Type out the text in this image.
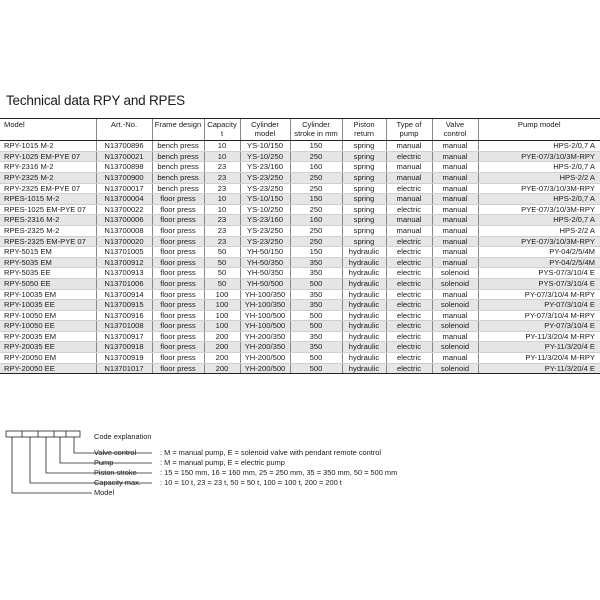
Technical data RPY and RPES
Model	Art.-No.	Frame design	Capacity t	Cylinder model	Cylinder stroke in mm	Piston return	Type of pump	Valve control	Pump model
RPY-1015 M-2	N13700896	bench press	10	YS-10/150	150	spring	manual	manual	HPS-2/0,7 A
RPY-1025 EM-PYE 07	N13700021	bench press	10	YS-10/250	250	spring	electric	manual	PYE-07/3/10/3M-RPY
RPY-2316 M-2	N13700898	bench press	23	YS-23/160	160	spring	manual	manual	HPS-2/0,7 A
RPY-2325 M-2	N13700900	bench press	23	YS-23/250	250	spring	manual	manual	HPS-2/2 A
RPY-2325 EM-PYE 07	N13700017	bench press	23	YS-23/250	250	spring	electric	manual	PYE-07/3/10/3M-RPY
RPES-1015 M-2	N13700004	floor press	10	YS-10/150	150	spring	manual	manual	HPS-2/0,7 A
RPES-1025 EM-PYE 07	N13700022	floor press	10	YS-10/250	250	spring	electric	manual	PYE-07/3/10/3M-RPY
RPES-2316 M-2	N13700006	floor press	23	YS-23/160	160	spring	manual	manual	HPS-2/0,7 A
RPES-2325 M-2	N13700008	floor press	23	YS-23/250	250	spring	manual	manual	HPS-2/2 A
RPES-2325 EM-PYE 07	N13700020	floor press	23	YS-23/250	250	spring	electric	manual	PYE-07/3/10/3M-RPY
RPY-5015 EM	N13701005	floor press	50	YH-50/150	150	hydraulic	electric	manual	PY-04/2/5/4M
RPY-5035 EM	N13700912	floor press	50	YH-50/350	350	hydraulic	electric	manual	PY-04/2/5/4M
RPY-5035 EE	N13700913	floor press	50	YH-50/350	350	hydraulic	electric	solenoid	PYS-07/3/10/4 E
RPY-5050 EE	N13701006	floor press	50	YH-50/500	500	hydraulic	electric	solenoid	PYS-07/3/10/4 E
RPY-10035 EM	N13700914	floor press	100	YH-100/350	350	hydraulic	electric	manual	PY-07/3/10/4 M-RPY
RPY-10035 EE	N13700915	floor press	100	YH-100/350	350	hydraulic	electric	solenoid	PY-07/3/10/4 E
RPY-10050 EM	N13700916	floor press	100	YH-100/500	500	hydraulic	electric	manual	PY-07/3/10/4 M-RPY
RPY-10050 EE	N13701008	floor press	100	YH-100/500	500	hydraulic	electric	solenoid	PY-07/3/10/4 E
RPY-20035 EM	N13700917	floor press	200	YH-200/350	350	hydraulic	electric	manual	PY-11/3/20/4 M-RPY
RPY-20035 EE	N13700918	floor press	200	YH-200/350	350	hydraulic	electric	solenoid	PY-11/3/20/4 E
RPY-20050 EM	N13700919	floor press	200	YH-200/500	500	hydraulic	electric	manual	PY-11/3/20/4 M-RPY
RPY-20050 EE	N13701017	floor press	200	YH-200/500	500	hydraulic	electric	solenoid	PY-11/3/20/4 E
Code explanation
Valve control	: M = manual pump, E = solenoid valve with pendant remote control
Pump	: M = manual pump, E = electric pump
Piston stroke	: 15 = 150 mm, 16 = 160 mm, 25 = 250 mm, 35 = 350 mm, 50 = 500 mm
Capacity max.	: 10 = 10 t, 23 = 23 t, 50 = 50 t, 100 = 100 t, 200 = 200 t
Model
